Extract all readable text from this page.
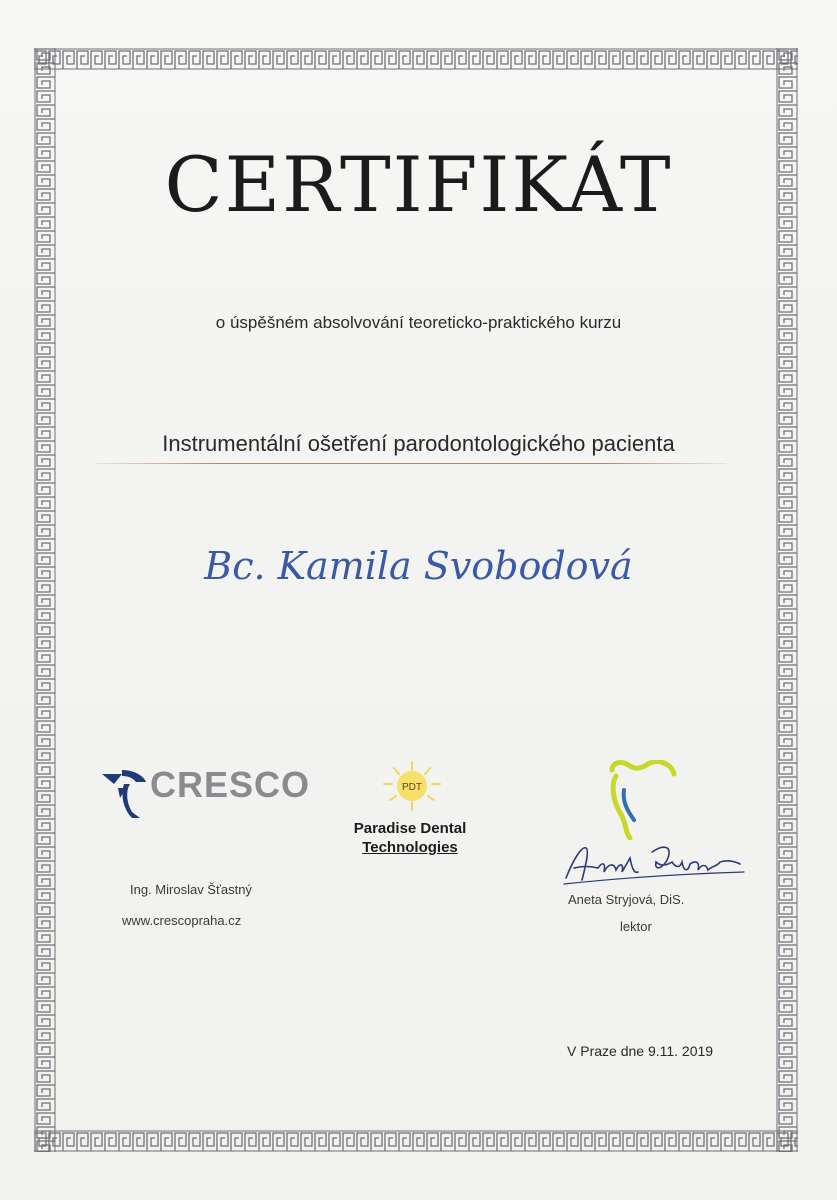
CERTIFIKÁT
o úspěšném absolvování teoreticko-praktického kurzu
Instrumentální ošetření parodontologického pacienta
Bc. Kamila Svobodová
CRESCO
Ing. Miroslav Šťastný
www.crescopraha.cz
PDT
Paradise Dental
Technologies
Aneta Stryjová, DiS.
lektor
V Praze dne 9.11. 2019
